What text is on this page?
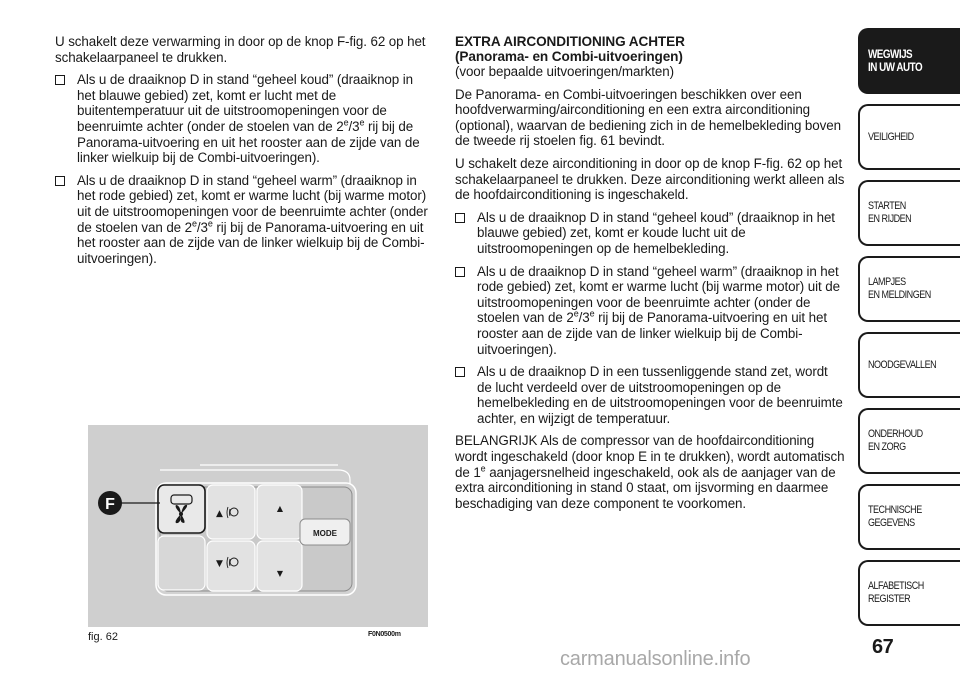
U schakelt deze verwarming in door op de knop F-fig. 62 op het schakelaarpaneel te drukken.

Als u de draaiknop D in stand “geheel koud” (draaiknop in het blauwe gebied) zet, komt er lucht met de buitentemperatuur uit de uitstroomopeningen voor de beenruimte achter (onder de stoelen van de 2e/3e rij bij de Panorama-uitvoering en uit het rooster aan de zijde van de linker wielkuip bij de Combi-uitvoeringen).
Als u de draaiknop D in stand “geheel warm” (draaiknop in het rode gebied) zet, komt er warme lucht (bij warme motor) uit de uitstroomopeningen voor de beenruimte achter (onder de stoelen van de 2e/3e rij bij de Panorama-uitvoering en uit het rooster aan de zijde van de linker wielkuip bij de Combi-uitvoeringen).
EXTRA AIRCONDITIONING ACHTER
(Panorama- en Combi-uitvoeringen)

(voor bepaalde uitvoeringen/markten)

De Panorama- en Combi-uitvoeringen beschikken over een hoofdverwarming/airconditioning en een extra airconditioning (optional), waarvan de bediening zich in de hemelbekleding boven de tweede rij stoelen fig. 61 bevindt.

U schakelt deze airconditioning in door op de knop F-fig. 62 op het schakelaarpaneel te drukken. Deze airconditioning werkt alleen als de hoofdairconditioning is ingeschakeld.

Als u de draaiknop D in stand “geheel koud” (draaiknop in het blauwe gebied) zet, komt er koude lucht uit de uitstroomopeningen op de hemelbekleding.
Als u de draaiknop D in stand “geheel warm” (draaiknop in het rode gebied) zet, komt er warme lucht (bij warme motor) uit de uitstroomopeningen voor de beenruimte achter (onder de stoelen van de 2e/3e rij bij de Panorama-uitvoering en uit het rooster aan de zijde van de linker wielkuip bij de Combi-uitvoeringen).
Als u de draaiknop D in een tussenliggende stand zet, wordt de lucht verdeeld over de uitstroomopeningen op de hemelbekleding en de uitstroomopeningen voor de beenruimte achter, en wijzigt de temperatuur.

BELANGRIJK Als de compressor van de hoofdairconditioning wordt ingeschakeld (door knop E in te drukken), wordt automatisch de 1e aanjagersnelheid ingeschakeld, ook als de aanjager van de extra airconditioning in stand 0 staat, om ijsvorming en daarmee beschadiging van deze component te voorkomen.

MODE
▲
▼
▲
▼
F
fig. 62	F0N0500m
WEGWIJS
IN UW AUTO
VEILIGHEID
STARTEN
EN RIJDEN
LAMPJES
EN MELDINGEN
NOODGEVALLEN
ONDERHOUD
EN ZORG
TECHNISCHE
GEGEVENS
ALFABETISCH
REGISTER
67
carmanualsonline.info
